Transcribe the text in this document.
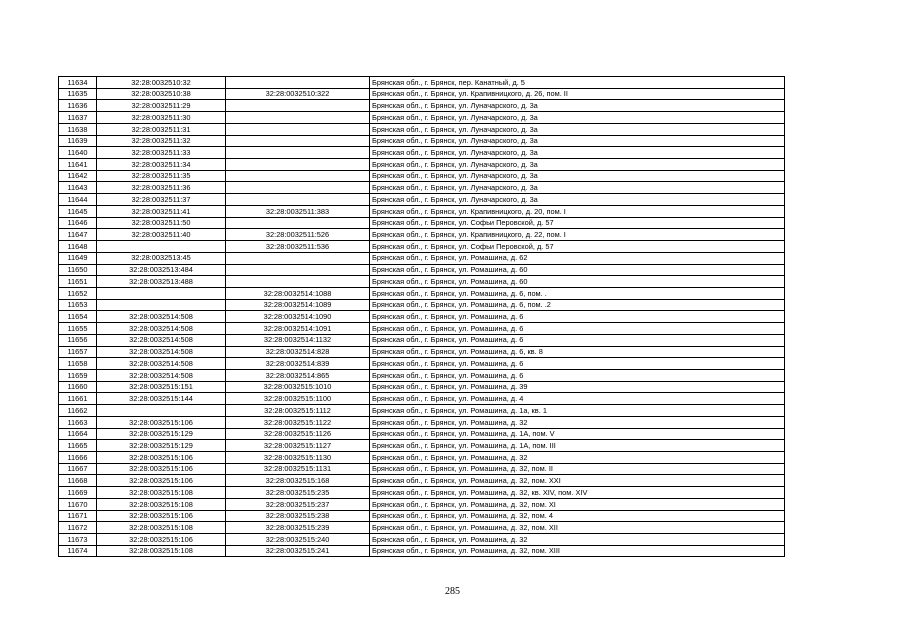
11634	32:28:0032510:32		Брянская обл., г. Брянск, пер. Канатный, д. 5
11635	32:28:0032510:38	32:28:0032510:322	Брянская обл., г. Брянск, ул. Крапивницкого, д. 26, пом. II
11636	32:28:0032511:29		Брянская обл., г. Брянск, ул. Луначарского, д. 3а
11637	32:28:0032511:30		Брянская обл., г. Брянск, ул. Луначарского, д. 3а
11638	32:28:0032511:31		Брянская обл., г. Брянск, ул. Луначарского, д. 3а
11639	32:28:0032511:32		Брянская обл., г. Брянск, ул. Луначарского, д. 3а
11640	32:28:0032511:33		Брянская обл., г. Брянск, ул. Луначарского, д. 3а
11641	32:28:0032511:34		Брянская обл., г. Брянск, ул. Луначарского, д. 3а
11642	32:28:0032511:35		Брянская обл., г. Брянск, ул. Луначарского, д. 3а
11643	32:28:0032511:36		Брянская обл., г. Брянск, ул. Луначарского, д. 3а
11644	32:28:0032511:37		Брянская обл., г. Брянск, ул. Луначарского, д. 3а
11645	32:28:0032511:41	32:28:0032511:383	Брянская обл., г. Брянск, ул. Крапивницкого, д. 20, пом. I
11646	32:28:0032511:50		Брянская обл., г. Брянск, ул. Софьи Перовской, д. 57
11647	32:28:0032511:40	32:28:0032511:526	Брянская обл., г. Брянск, ул. Крапивницкого, д. 22, пом. I
11648		32:28:0032511:536	Брянская обл., г. Брянск, ул. Софьи Перовской, д. 57
11649	32:28:0032513:45		Брянская обл., г. Брянск, ул. Ромашина, д. 62
11650	32:28:0032513:484		Брянская обл., г. Брянск, ул. Ромашина, д. 60
11651	32:28:0032513:488		Брянская обл., г. Брянск, ул. Ромашина, д. 60
11652		32:28:0032514:1088	Брянская обл., г. Брянск, ул. Ромашина, д. 6, пом. .
11653		32:28:0032514:1089	Брянская обл., г. Брянск, ул. Ромашина, д. 6, пом. .2
11654	32:28:0032514:508	32:28:0032514:1090	Брянская обл., г. Брянск, ул. Ромашина, д. 6
11655	32:28:0032514:508	32:28:0032514:1091	Брянская обл., г. Брянск, ул. Ромашина, д. 6
11656	32:28:0032514:508	32:28:0032514:1132	Брянская обл., г. Брянск, ул. Ромашина, д. 6
11657	32:28:0032514:508	32:28:0032514:828	Брянская обл., г. Брянск, ул. Ромашина, д. 6, кв. 8
11658	32:28:0032514:508	32:28:0032514:839	Брянская обл., г. Брянск, ул. Ромашина, д. 6
11659	32:28:0032514:508	32:28:0032514:865	Брянская обл., г. Брянск, ул. Ромашина, д. 6
11660	32:28:0032515:151	32:28:0032515:1010	Брянская обл., г. Брянск, ул. Ромашина, д. 39
11661	32:28:0032515:144	32:28:0032515:1100	Брянская обл., г. Брянск, ул. Ромашина, д. 4
11662		32:28:0032515:1112	Брянская обл., г. Брянск, ул. Ромашина, д. 1а, кв. 1
11663	32:28:0032515:106	32:28:0032515:1122	Брянская обл., г. Брянск, ул. Ромашина, д. 32
11664	32:28:0032515:129	32:28:0032515:1126	Брянская обл., г. Брянск, ул. Ромашина, д. 1А, пом. V
11665	32:28:0032515:129	32:28:0032515:1127	Брянская обл., г. Брянск, ул. Ромашина, д. 1А, пом. III
11666	32:28:0032515:106	32:28:0032515:1130	Брянская обл., г. Брянск, ул. Ромашина, д. 32
11667	32:28:0032515:106	32:28:0032515:1131	Брянская обл., г. Брянск, ул. Ромашина, д. 32, пом. II
11668	32:28:0032515:106	32:28:0032515:168	Брянская обл., г. Брянск, ул. Ромашина, д. 32, пом. XXI
11669	32:28:0032515:108	32:28:0032515:235	Брянская обл., г. Брянск, ул. Ромашина, д. 32, кв. XIV, пом. XIV
11670	32:28:0032515:108	32:28:0032515:237	Брянская обл., г. Брянск, ул. Ромашина, д. 32, пом. XI
11671	32:28:0032515:106	32:28:0032515:238	Брянская обл., г. Брянск, ул. Ромашина, д. 32, пом. 4
11672	32:28:0032515:108	32:28:0032515:239	Брянская обл., г. Брянск, ул. Ромашина, д. 32, пом. XII
11673	32:28:0032515:106	32:28:0032515:240	Брянская обл., г. Брянск, ул. Ромашина, д. 32
11674	32:28:0032515:108	32:28:0032515:241	Брянская обл., г. Брянск, ул. Ромашина, д. 32, пом. XIII
285
